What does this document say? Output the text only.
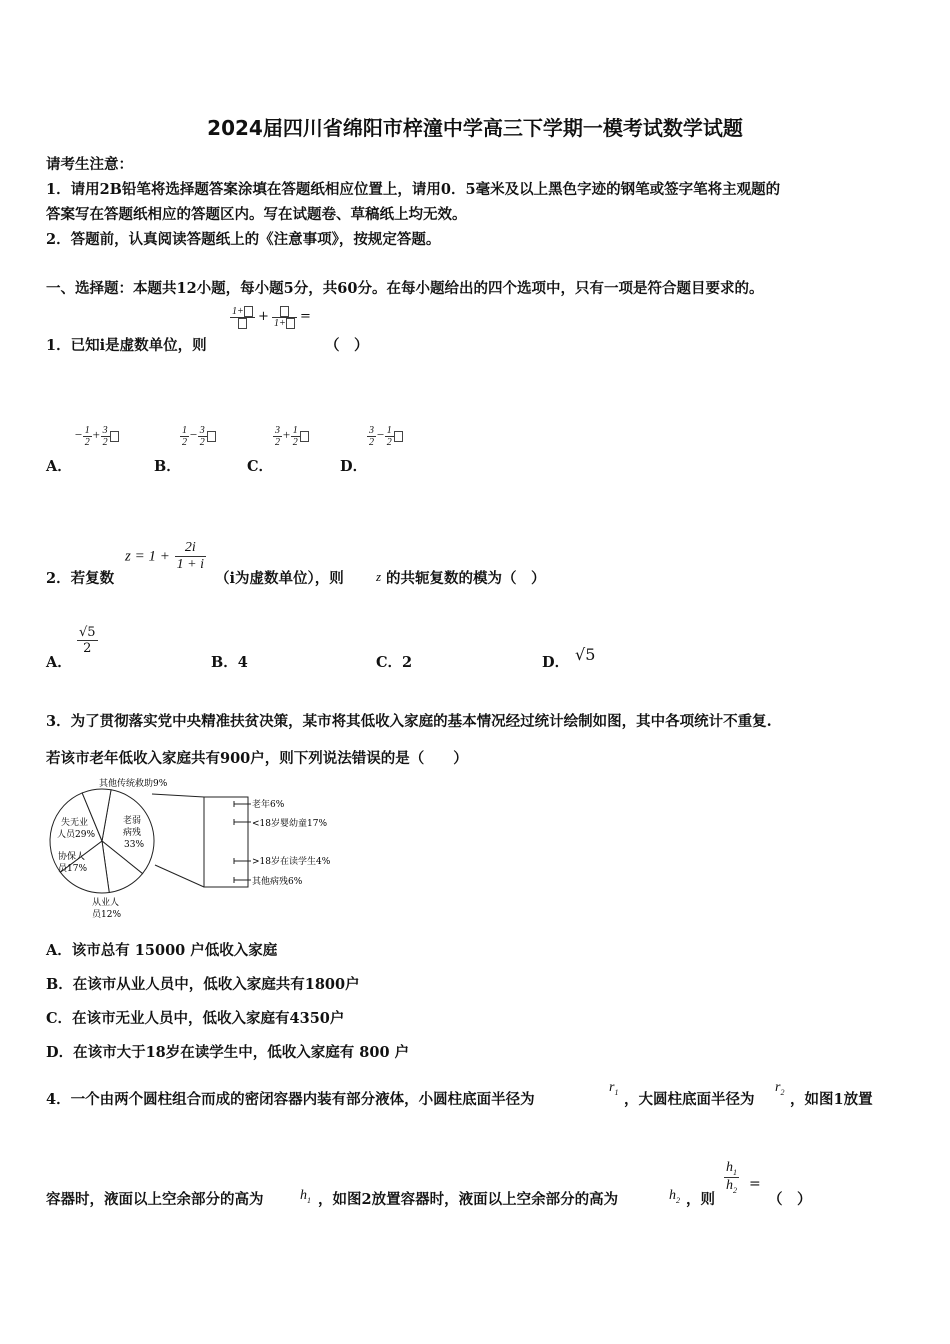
2024届四川省绵阳市梓潼中学高三下学期一模考试数学试题
请考生注意：
1．请用2B铅笔将选择题答案涂填在答题纸相应位置上，请用0．5毫米及以上黑色字迹的钢笔或签字笔将主观题的
答案写在答题纸相应的答题区内。写在试题卷、草稿纸上均无效。
2．答题前，认真阅读答题纸上的《注意事项》，按规定答题。
一、选择题：本题共12小题，每小题5分，共60分。在每小题给出的四个选项中，只有一项是符合题目要求的。
1．已知i是虚数单位，则
1+	+ 1+	=
（　）
A．
− $\frac{1}{2} + \frac{3}{2}$
B．
$\frac{1}{2} - \frac{3}{2}$
C．
$\frac{3}{2} + \frac{1}{2}$
D．
$\frac{3}{2} - \frac{1}{2}$
2．若复数
$z = 1 + \frac{2i}{1 + i}$
（i为虚数单位），则 z 的共轭复数的模为（　）
A．
$\frac{√5}{2}$
B．4	C．2	D． √5
3．为了贯彻落实党中央精准扶贫决策，某市将其低收入家庭的基本情况经过统计绘制如图，其中各项统计不重复.
若该市老年低收入家庭共有900户，则下列说法错误的是（　　）
其他传统救助9%
失无业
人员29%
老弱
病残
33%
协保人
员17%
从业人
员12%
老年6%
<18岁婴幼童17%
>18岁在读学生4%
其他病残6%
A．该市总有 15000 户低收入家庭
B．在该市从业人员中，低收入家庭共有1800户
C．在该市无业人员中，低收入家庭有4350户
D．在该市大于18岁在读学生中，低收入家庭有 800 户
4．一个由两个圆柱组合而成的密闭容器内装有部分液体，小圆柱底面半径为
$r_1$ ，大圆柱底面半径为
$r_2$ ，如图1放置
容器时，液面以上空余部分的高为	$h_1$ ，如图2放置容器时，液面以上空余部分的高为	$h_2$ ，则
$\frac{h_1}{h_2}$ =
（　）
